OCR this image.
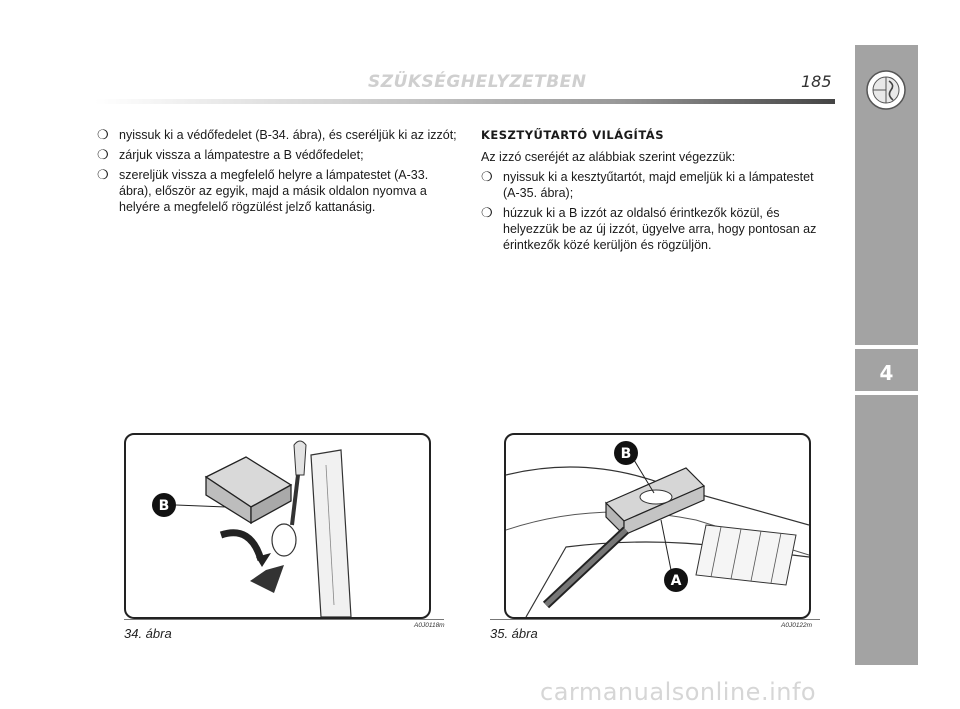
SZÜKSÉGHELYZETBEN	185
4
❍ nyissuk ki a védőfedelet (B-34. ábra), és cseréljük ki az izzót;
❍ zárjuk vissza a lámpatestre a B védőfedelet;
❍ szereljük vissza a megfelelő helyre a lámpatestet (A-33. ábra), először az egyik, majd a másik oldalon nyomva a helyére a megfelelő rögzülést jelző kattanásig.
KESZTYŰTARTÓ VILÁGÍTÁS
Az izzó cseréjét az alábbiak szerint végezzük:
❍ nyissuk ki a kesztyűtartót, majd emeljük ki a lámpatestet (A-35. ábra);
❍ húzzuk ki a B izzót az oldalsó érintkezők közül, és helyezzük be az új izzót, ügyelve arra, hogy pontosan az érintkezők közé kerüljön és rögzüljön.
B
34. ábra
A0J0118m
B
A
35. ábra
A0J0122m
carmanualsonline.info
